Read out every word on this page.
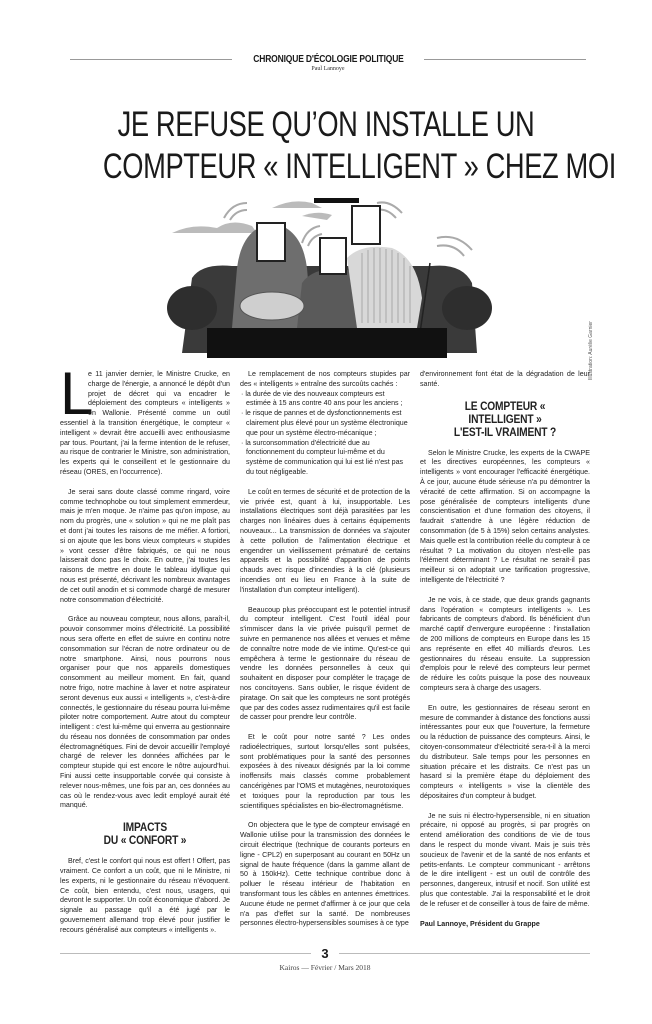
CHRONIQUE D'ÉCOLOGIE POLITIQUE
Paul Lannoye
JE REFUSE QU’ON INSTALLE UN
COMPTEUR « INTELLIGENT » CHEZ MOI
Illustration: Aurélie Garnier

L
e 11 janvier dernier, le Ministre Crucke, en charge de l'énergie, a annoncé le dépôt d'un projet de décret qui va encadrer le déploiement des compteurs « intelligents » en Wallonie. Présenté comme un outil essentiel à la transition énergétique, le compteur « intelligent » devrait être accueilli avec enthousiasme par tous. Pourtant, j'ai la ferme intention de le refuser, au risque de contrarier le Ministre, son administration, les experts qui le conseillent et le gestionnaire du réseau (ORES, en l'occurrence).

Je serai sans doute classé comme ringard, voire comme technophobe ou tout simplement emmerdeur, mais je m'en moque. Je n'aime pas qu'on impose, au nom du progrès, une « solution » qui ne me plaît pas et dont j'ai toutes les raisons de me méfier. A fortiori, si on ajoute que les bons vieux compteurs « stupides » vont cesser d'être fabriqués, ce qui ne nous laisserait donc pas le choix. En outre, j'ai toutes les raisons de mettre en doute le tableau idyllique qui nous est présenté, décrivant les nombreux avantages de cet outil anodin et si commode chargé de mesurer notre consommation d'électricité.

Grâce au nouveau compteur, nous allons, paraît-il, pouvoir consommer moins d'électricité. La possibilité nous sera offerte en effet de suivre en continu notre consommation sur l'écran de notre ordinateur ou de notre smartphone. Ainsi, nous pourrons nous organiser pour que nos appareils domestiques consomment au meilleur moment. En fait, quand notre frigo, notre machine à laver et notre aspirateur seront devenus eux aussi « intelligents », c'est-à-dire connectés, le gestionnaire du réseau pourra lui-même piloter notre comportement. Autre atout du compteur intelligent : c'est lui-même qui enverra au gestionnaire du réseau nos données de consommation par ondes électromagnétiques. Fini de devoir accueillir l'employé chargé de relever les données affichées par le compteur stupide qui est encore le nôtre aujourd'hui. Fini aussi cette insupportable corvée qui consiste à relever nous-mêmes, une fois par an, ces données au cas où le rendez-vous avec ledit employé aurait été manqué.

IMPACTS
DU « CONFORT »

Bref, c'est le confort qui nous est offert ! Offert, pas vraiment. Ce confort a un coût, que ni le Ministre, ni les experts, ni le gestionnaire du réseau n'évoquent. Ce coût, bien entendu, c'est nous, usagers, qui devront le supporter. Un coût économique d'abord. Je signale au passage qu'il a été jugé par le gouvernement allemand trop élevé pour justifier le recours généralisé aux compteurs « intelligents ».

Le remplacement de nos compteurs stupides par des « intelligents » entraîne des surcoûts cachés :

· la durée de vie des nouveaux compteurs est estimée à 15 ans contre 40 ans pour les anciens ;
· le risque de pannes et de dysfonctionnements est clairement plus élevé pour un système électronique que pour un système électro-mécanique ;
· la surconsommation d'électricité due au fonctionnement du compteur lui-même et du système de communication qui lui est lié n'est pas du tout négligeable.

Le coût en termes de sécurité et de protection de la vie privée est, quant à lui, insupportable. Les installations électriques sont déjà parasitées par les charges non linéaires dues à certains équipements nouveaux... La transmission de données va s'ajouter à cette pollution de l'alimentation électrique et engendrer un vieillissement prématuré de certains appareils et la possibilité d'apparition de points chauds avec risque d'incendies à la clé (plusieurs incendies ont eu lieu en France à la suite de l'installation d'un compteur intelligent).

Beaucoup plus préoccupant est le potentiel intrusif du compteur intelligent. C'est l'outil idéal pour s'immiscer dans la vie privée puisqu'il permet de suivre en permanence nos allées et venues et même de connaître notre mode de vie intime. Qu'est-ce qui empêchera à terme le gestionnaire du réseau de vendre les données personnelles à ceux qui souhaitent en disposer pour compléter le traçage de nos concitoyens. Sans oublier, le risque évident de piratage. On sait que les compteurs ne sont protégés que par des codes assez rudimentaires qu'il est facile de casser pour prendre leur contrôle.

Et le coût pour notre santé ? Les ondes radioélectriques, surtout lorsqu'elles sont pulsées, sont problématiques pour la santé des personnes exposées à des niveaux désignés par la loi comme inoffensifs mais classés comme probablement cancérigènes par l'OMS et mutagènes, neurotoxiques et toxiques pour la reproduction par tous les scientifiques spécialistes en bio-électromagnétisme.

On objectera que le type de compteur envisagé en Wallonie utilise pour la transmission des données le circuit électrique (technique de courants porteurs en ligne - CPL2) en superposant au courant en 50Hz un signal de haute fréquence (dans la gamme allant de 50 à 150kHz). Cette technique contribue donc à polluer le réseau intérieur de l'habitation en transformant tous les câbles en antennes émettrices. Aucune étude ne permet d'affirmer à ce jour que cela n'a pas d'effet sur la santé. De nombreuses personnes électro-hypersensibles soumises à ce type

d'environnement font état de la dégradation de leur santé.

LE COMPTEUR « INTELLIGENT »
L'EST-IL VRAIMENT ?

Selon le Ministre Crucke, les experts de la CWAPE et les directives européennes, les compteurs « intelligents » vont encourager l'efficacité énergétique. À ce jour, aucune étude sérieuse n'a pu démontrer la véracité de cette affirmation. Si on accompagne la pose généralisée de compteurs intelligents d'une conscientisation et d'une formation des citoyens, il faudrait s'attendre à une légère réduction de consommation (de 5 à 15%) selon certains analystes. Mais quelle est la contribution réelle du compteur à ce résultat ? La motivation du citoyen n'est-elle pas l'élément déterminant ? Le résultat ne serait-il pas meilleur si on adoptait une tarification progressive, intelligente de l'électricité ?

Je ne vois, à ce stade, que deux grands gagnants dans l'opération « compteurs intelligents ». Les fabricants de compteurs d'abord. Ils bénéficient d'un marché captif d'envergure européenne : l'installation de 200 millions de compteurs en Europe dans les 15 ans représente en effet 40 milliards d'euros. Les gestionnaires du réseau ensuite. La suppression d'emplois pour le relevé des compteurs leur permet de réduire les coûts puisque la pose des nouveaux compteurs sera à charge des usagers.

En outre, les gestionnaires de réseau seront en mesure de commander à distance des fonctions aussi intéressantes pour eux que l'ouverture, la fermeture ou la réduction de puissance des compteurs. Ainsi, le citoyen-consommateur d'électricité sera-t-il à la merci du distributeur. Sale temps pour les personnes en situation précaire et les distraits. Ce n'est pas un hasard si la première étape du déploiement des compteurs « intelligents » vise la clientèle des dépositaires d'un compteur à budget.

Je ne suis ni électro-hypersensible, ni en situation précaire, ni opposé au progrès, si par progrès on entend amélioration des conditions de vie de tous dans le respect du monde vivant. Mais je suis très soucieux de l'avenir et de la santé de nos enfants et petits-enfants. Le compteur communicant - arrêtons de le dire intelligent - est un outil de contrôle des personnes, dangereux, intrusif et nocif. Son utilité est plus que contestable. J'ai la responsabilité et le droit de le refuser et de conseiller à tous de faire de même.

Paul Lannoye, Président du Grappe

3
Kairos — Février / Mars 2018
